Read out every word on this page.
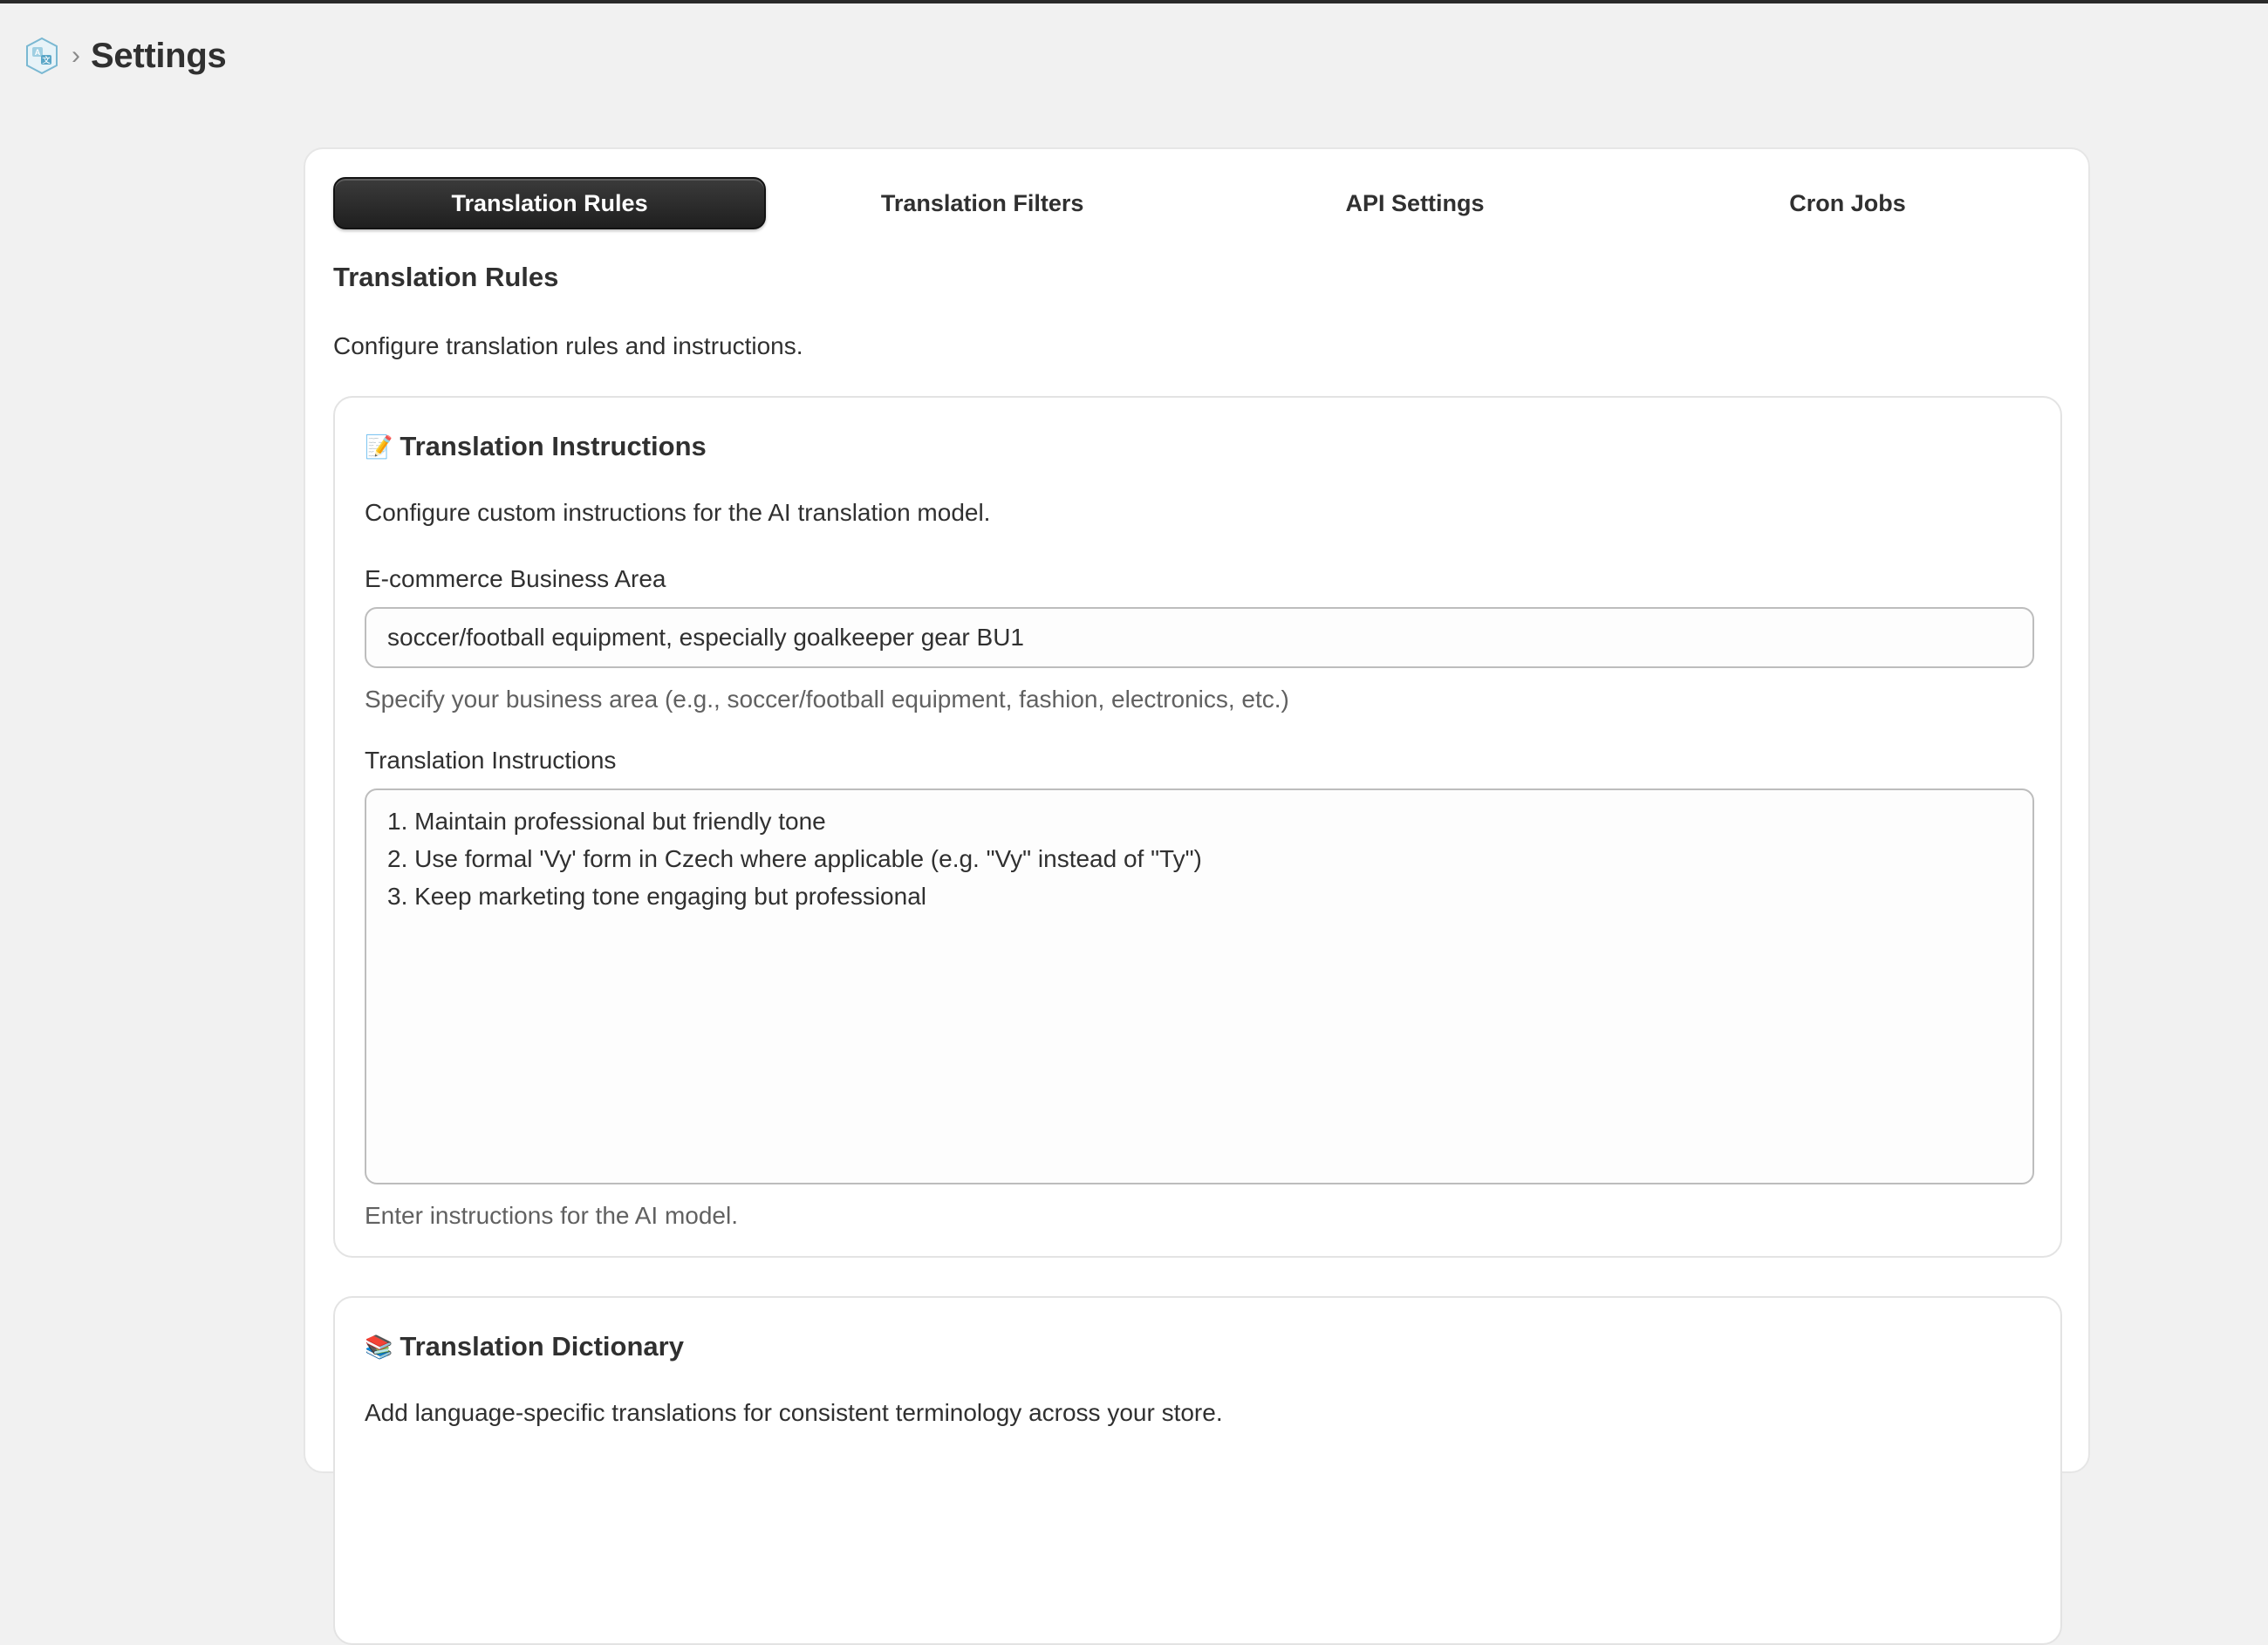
A
文 › Settings
Translation Rules	Translation Filters	API Settings	Cron Jobs
Translation Rules
Configure translation rules and instructions.
📝 Translation Instructions
Configure custom instructions for the AI translation model.
E-commerce Business Area
soccer/football equipment, especially goalkeeper gear BU1
Specify your business area (e.g., soccer/football equipment, fashion, electronics, etc.)
Translation Instructions
1. Maintain professional but friendly tone 2. Use formal 'Vy' form in Czech where applicable (e.g. "Vy" instead of "Ty") 3. Keep marketing tone engaging but professional
Enter instructions for the AI model.
📚 Translation Dictionary
Add language-specific translations for consistent terminology across your store.
